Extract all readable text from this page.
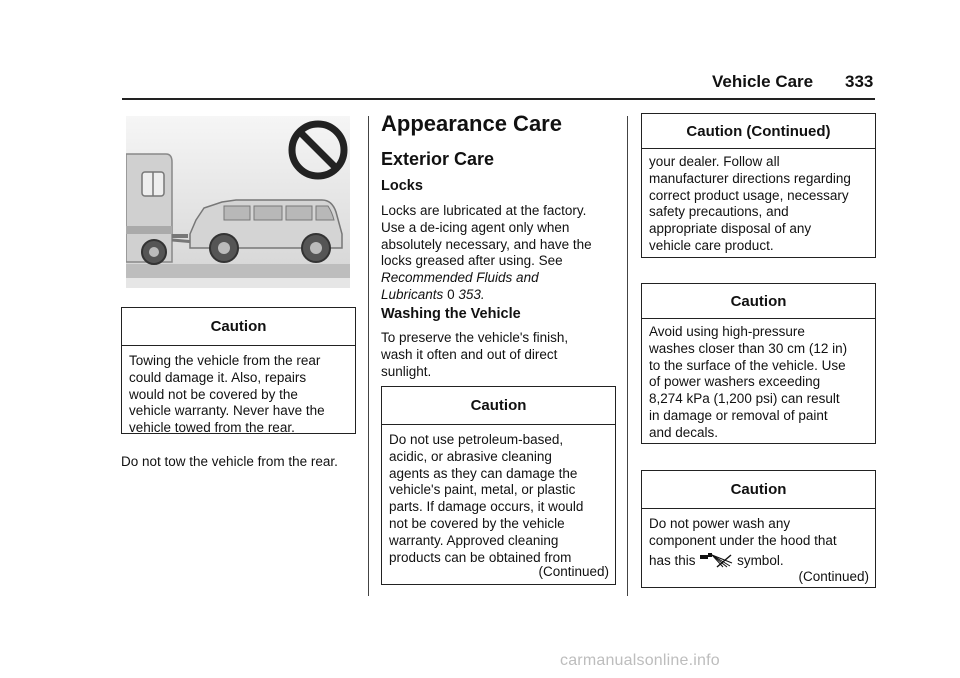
Vehicle Care 333
Caution
Towing the vehicle from the rear
could damage it. Also, repairs
would not be covered by the
vehicle warranty. Never have the
vehicle towed from the rear.
Do not tow the vehicle from the rear.
Appearance Care
Exterior Care
Locks
Locks are lubricated at the factory.
Use a de-icing agent only when
absolutely necessary, and have the
locks greased after using. See
Recommended Fluids and
Lubricants 0 353.
Washing the Vehicle
To preserve the vehicle's finish,
wash it often and out of direct
sunlight.
Caution
Do not use petroleum-based,
acidic, or abrasive cleaning
agents as they can damage the
vehicle's paint, metal, or plastic
parts. If damage occurs, it would
not be covered by the vehicle
warranty. Approved cleaning
products can be obtained from
(Continued)
Caution (Continued)
your dealer. Follow all
manufacturer directions regarding
correct product usage, necessary
safety precautions, and
appropriate disposal of any
vehicle care product.
Caution
Avoid using high-pressure
washes closer than 30 cm (12 in)
to the surface of the vehicle. Use
of power washers exceeding
8,274 kPa (1,200 psi) can result
in damage or removal of paint
and decals.
Caution
Do not power wash any
component under the hood that
has this	symbol.
(Continued)
carmanualsonline.info
